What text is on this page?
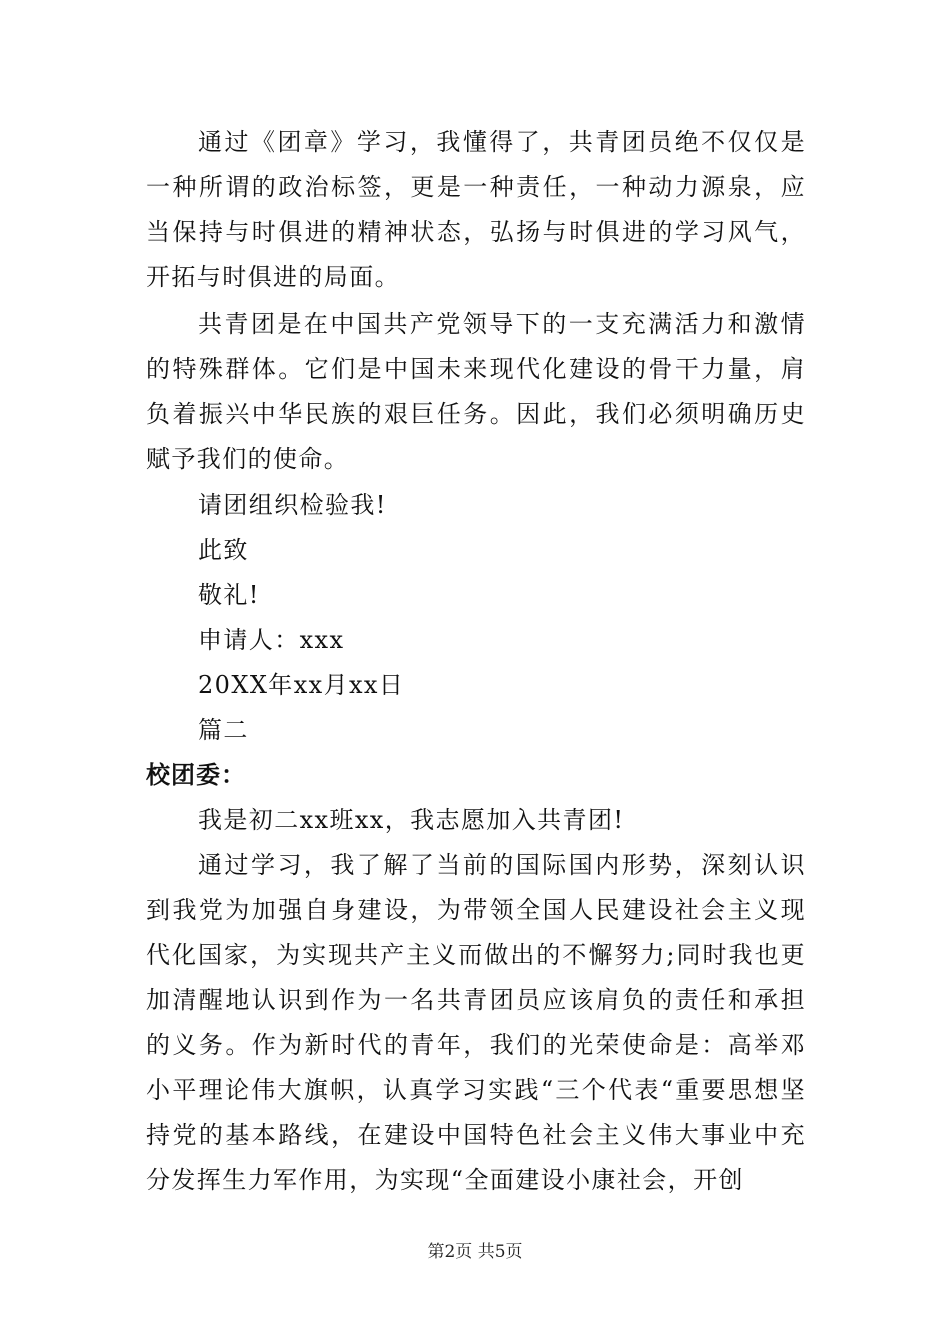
通过《团章》学习，我懂得了，共青团员绝不仅仅是一种所谓的政治标签，更是一种责任，一种动力源泉，应当保持与时俱进的精神状态，弘扬与时俱进的学习风气，开拓与时俱进的局面。

共青团是在中国共产党领导下的一支充满活力和激情的特殊群体。它们是中国未来现代化建设的骨干力量，肩负着振兴中华民族的艰巨任务。因此，我们必须明确历史赋予我们的使命。

请团组织检验我!

此致

敬礼!

申请人：xxx

20XX年xx月xx日

篇二

校团委：

我是初二xx班xx，我志愿加入共青团!

通过学习，我了解了当前的国际国内形势，深刻认识到我党为加强自身建设，为带领全国人民建设社会主义现代化国家，为实现共产主义而做出的不懈努力;同时我也更加清醒地认识到作为一名共青团员应该肩负的责任和承担的义务。作为新时代的青年，我们的光荣使命是：高举邓小平理论伟大旗帜，认真学习实践“三个代表“重要思想坚持党的基本路线，在建设中国特色社会主义伟大事业中充分发挥生力军作用，为实现“全面建设小康社会，开创

第2页 共5页
